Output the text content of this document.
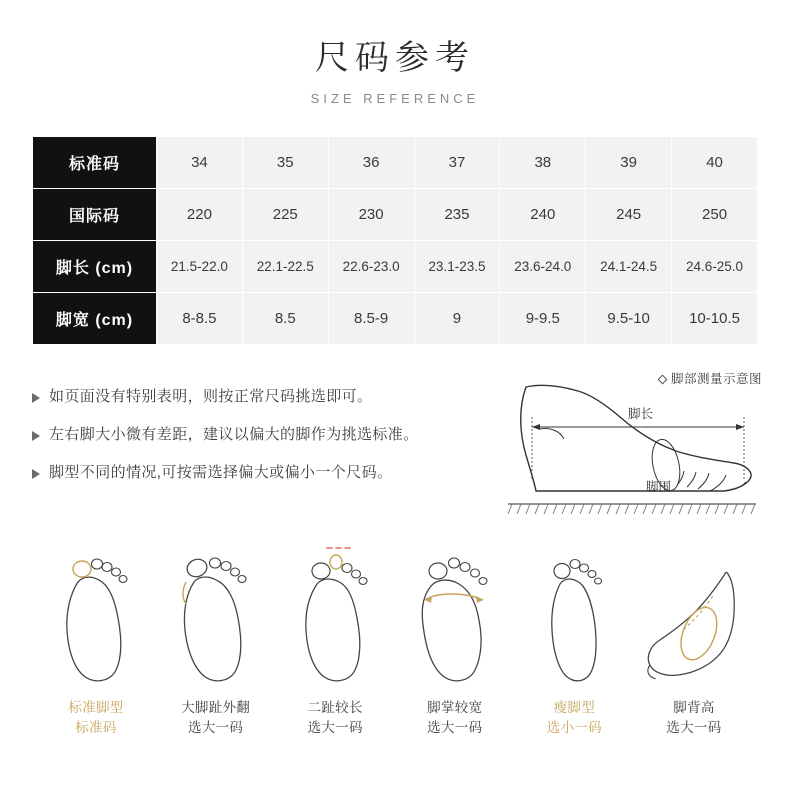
尺码参考
SIZE REFERENCE
标准码	34	35	36	37	38	39	40
国际码	220	225	230	235	240	245	250
脚长 (cm)	21.5-22.0	22.1-22.5	22.6-23.0	23.1-23.5	23.6-24.0	24.1-24.5	24.6-25.0
脚宽 (cm)	8-8.5	8.5	8.5-9	9	9-9.5	9.5-10	10-10.5
如页面没有特别表明，则按正常尺码挑选即可。
左右脚大小微有差距，建议以偏大的脚作为挑选标准。
脚型不同的情况,可按需选择偏大或偏小一个尺码。
脚部测量示意图
脚长
脚围
标准脚型
标准码
大脚趾外翻
选大一码
二趾较长
选大一码
脚掌较宽
选大一码
瘦脚型
选小一码
脚背高
选大一码
